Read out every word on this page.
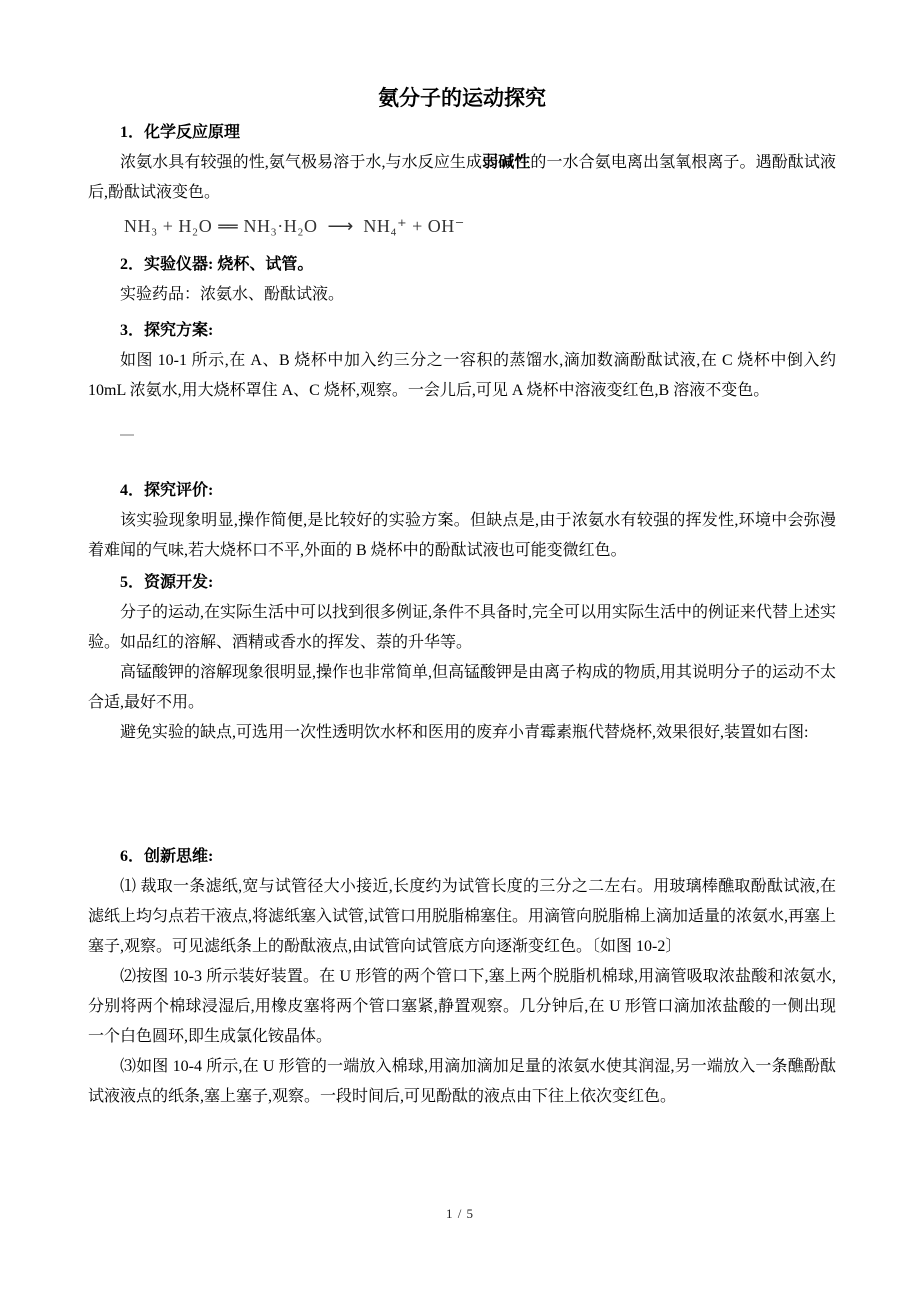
氨分子的运动探究
1．化学反应原理

浓氨水具有较强的性,氨气极易溶于水,与水反应生成弱碱性的一水合氨电离出氢氧根离子。遇酚酞试液后,酚酞试液变色。

NH₃ + H₂O ══ NH₃·H₂O ⟶ NH₄⁺ + OH⁻
2．实验仪器: 烧杯、试管。

实验药品：浓氨水、酚酞试液。

3．探究方案:

如图 10-1 所示,在 A、B 烧杯中加入约三分之一容积的蒸馏水,滴加数滴酚酞试液,在 C 烧杯中倒入约 10mL 浓氨水,用大烧杯罩住 A、C 烧杯,观察。一会儿后,可见 A 烧杯中溶液变红色,B 溶液不变色。

4．探究评价:

该实验现象明显,操作简便,是比较好的实验方案。但缺点是,由于浓氨水有较强的挥发性,环境中会弥漫着难闻的气味,若大烧杯口不平,外面的 B 烧杯中的酚酞试液也可能变微红色。

5．资源开发:

分子的运动,在实际生活中可以找到很多例证,条件不具备时,完全可以用实际生活中的例证来代替上述实验。如品红的溶解、酒精或香水的挥发、萘的升华等。

高锰酸钾的溶解现象很明显,操作也非常简单,但高锰酸钾是由离子构成的物质,用其说明分子的运动不太合适,最好不用。

避免实验的缺点,可选用一次性透明饮水杯和医用的废弃小青霉素瓶代替烧杯,效果很好,装置如右图:

6．创新思维:

⑴ 裁取一条滤纸,宽与试管径大小接近,长度约为试管长度的三分之二左右。用玻璃棒醮取酚酞试液,在滤纸上均匀点若干液点,将滤纸塞入试管,试管口用脱脂棉塞住。用滴管向脱脂棉上滴加适量的浓氨水,再塞上塞子,观察。可见滤纸条上的酚酞液点,由试管向试管底方向逐渐变红色。〔如图 10-2〕

⑵按图 10-3 所示装好装置。在 U 形管的两个管口下,塞上两个脱脂机棉球,用滴管吸取浓盐酸和浓氨水,分别将两个棉球浸湿后,用橡皮塞将两个管口塞紧,静置观察。几分钟后,在 U 形管口滴加浓盐酸的一侧出现一个白色圆环,即生成氯化铵晶体。

⑶如图 10-4 所示,在 U 形管的一端放入棉球,用滴加滴加足量的浓氨水使其润湿,另一端放入一条醮酚酞试液液点的纸条,塞上塞子,观察。一段时间后,可见酚酞的液点由下往上依次变红色。

1 / 5
